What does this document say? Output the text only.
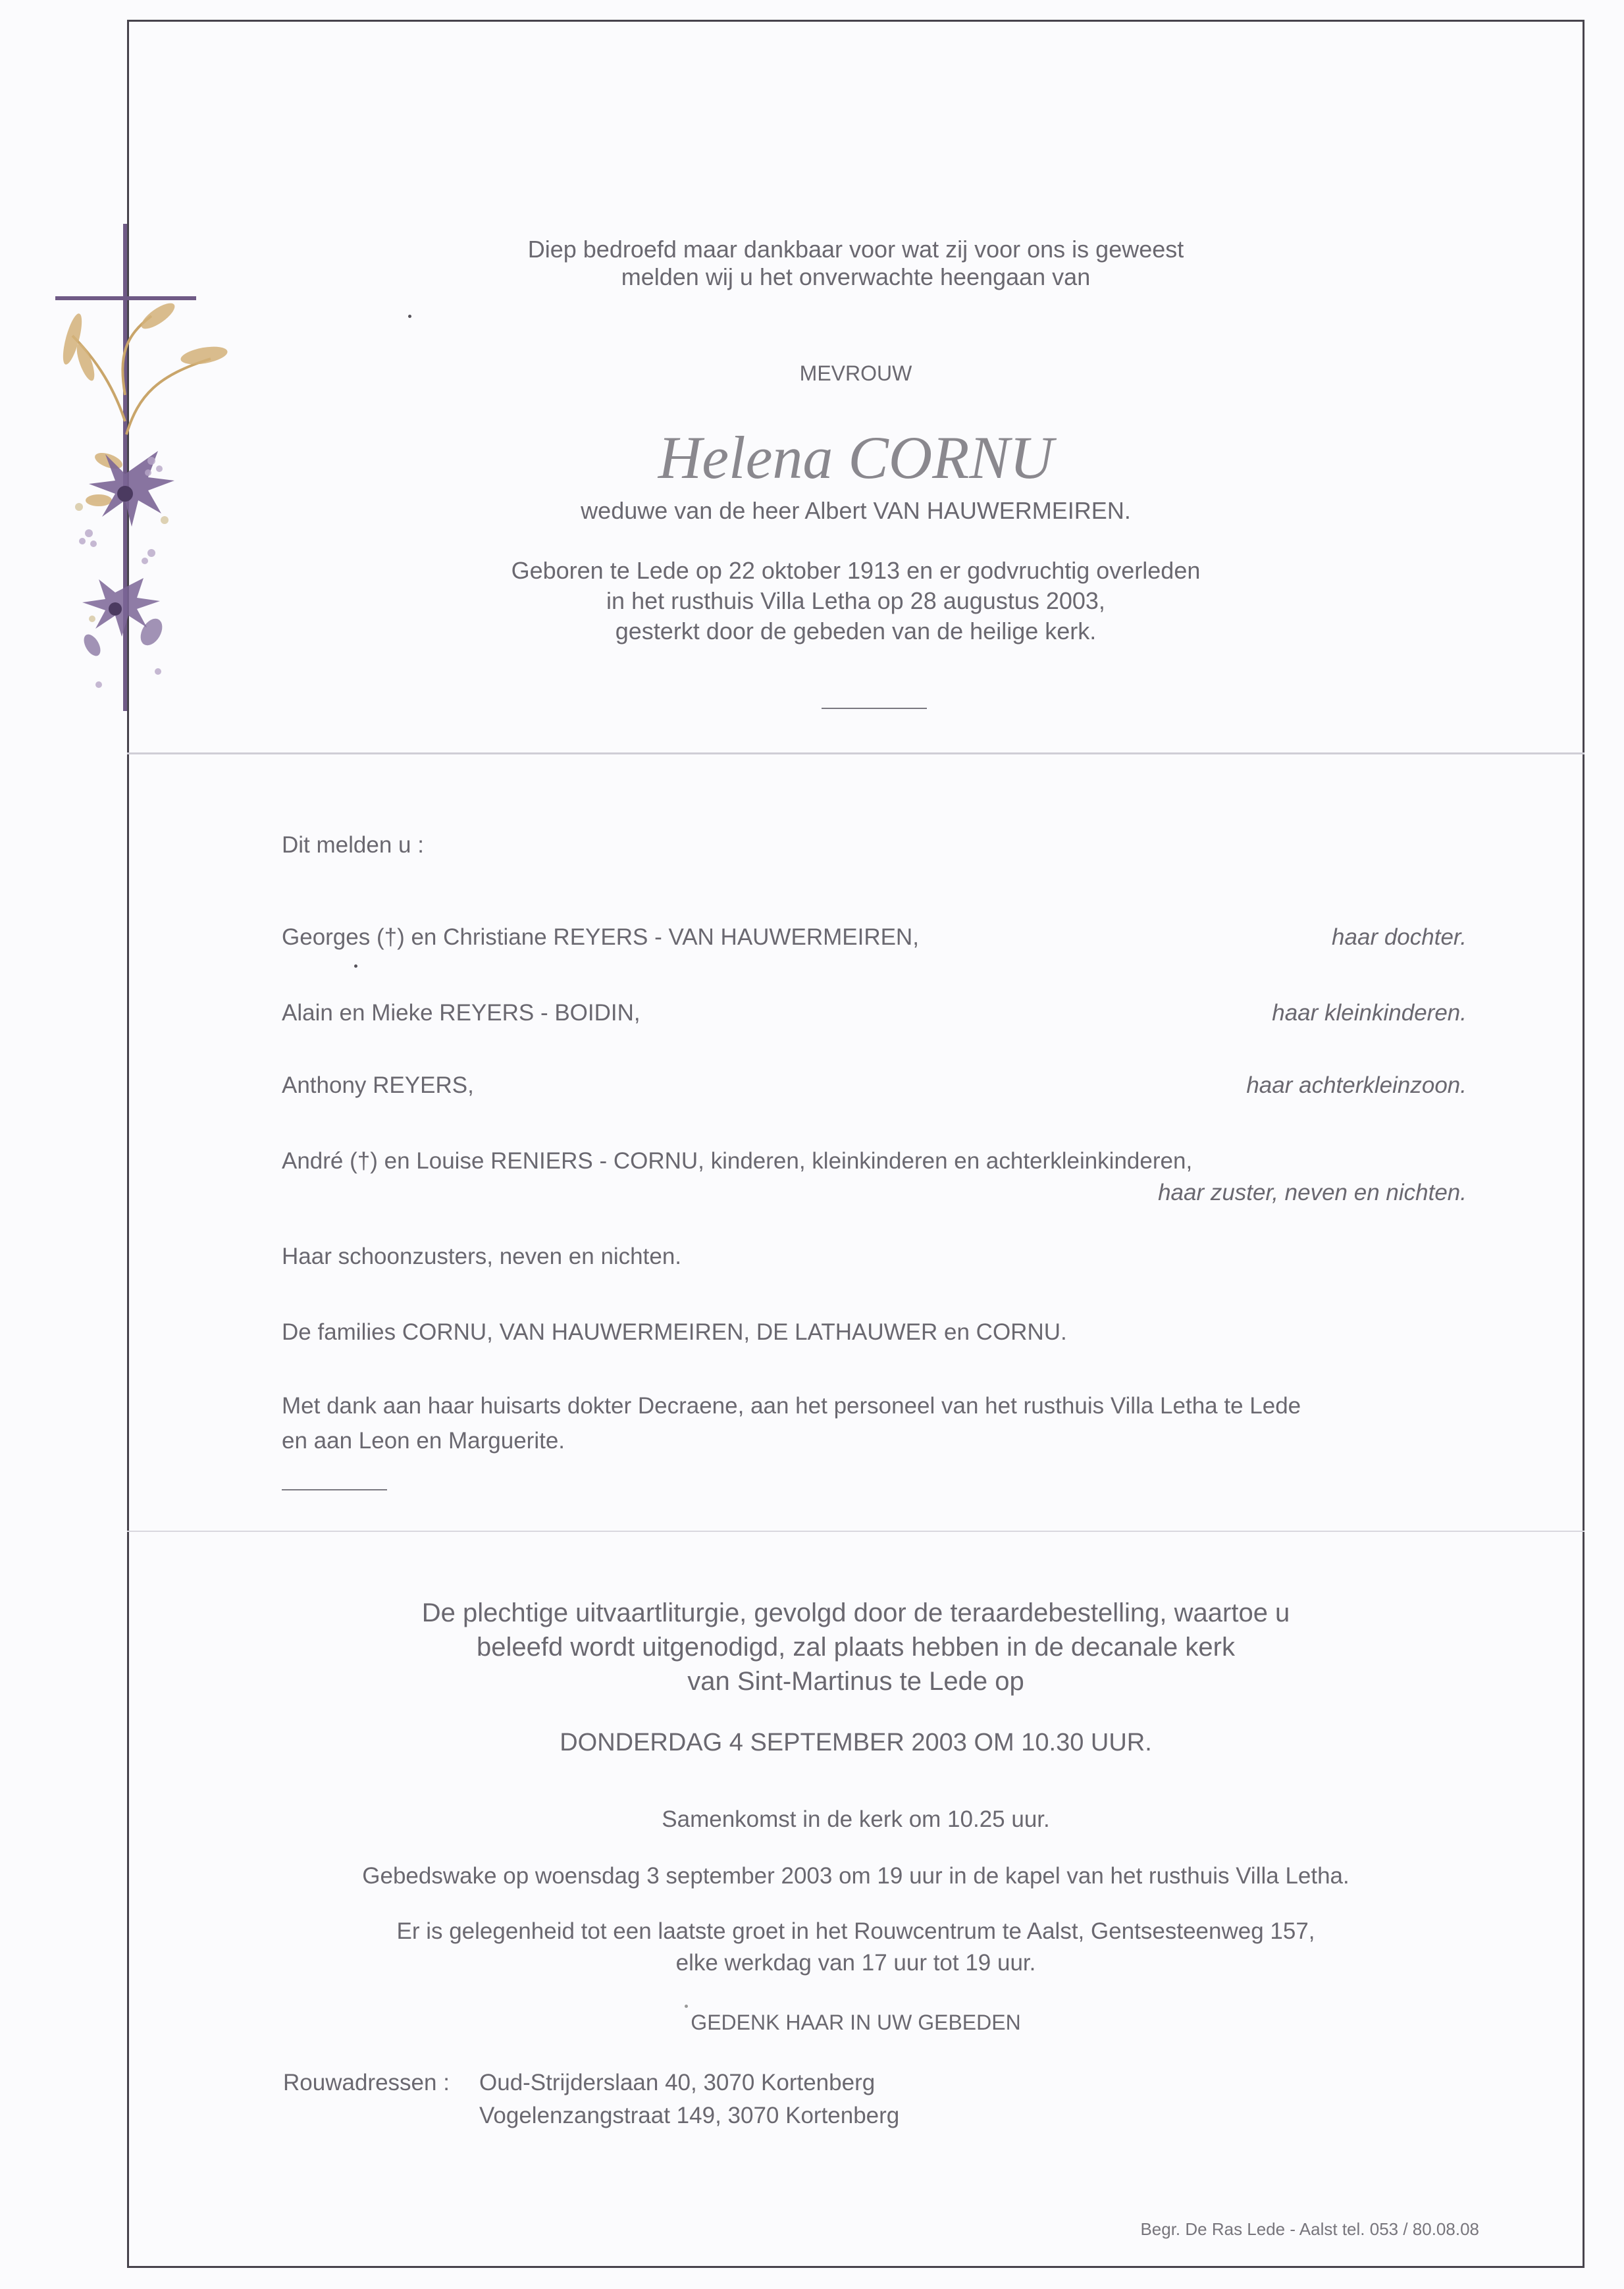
Diep bedroefd maar dankbaar voor wat zij voor ons is geweest
melden wij u het onverwachte heengaan van
MEVROUW
Helena CORNU
weduwe van de heer Albert VAN HAUWERMEIREN.
Geboren te Lede op 22 oktober 1913 en er godvruchtig overleden
in het rusthuis Villa Letha op 28 augustus 2003,
gesterkt door de gebeden van de heilige kerk.
Dit melden u :
Georges (†) en Christiane REYERS - VAN HAUWERMEIREN,	haar dochter.
Alain en Mieke REYERS - BOIDIN,	haar kleinkinderen.
Anthony REYERS,	haar achterkleinzoon.
André (†) en Louise RENIERS - CORNU, kinderen, kleinkinderen en achterkleinkinderen,
haar zuster, neven en nichten.
Haar schoonzusters, neven en nichten.
De families CORNU, VAN HAUWERMEIREN, DE LATHAUWER en CORNU.
Met dank aan haar huisarts dokter Decraene, aan het personeel van het rusthuis Villa Letha te Lede
en aan Leon en Marguerite.
De plechtige uitvaartliturgie, gevolgd door de teraardebestelling, waartoe u
beleefd wordt uitgenodigd, zal plaats hebben in de decanale kerk
van Sint-Martinus te Lede op
DONDERDAG 4 SEPTEMBER 2003 OM 10.30 UUR.
Samenkomst in de kerk om 10.25 uur.
Gebedswake op woensdag 3 september 2003 om 19 uur in de kapel van het rusthuis Villa Letha.
Er is gelegenheid tot een laatste groet in het Rouwcentrum te Aalst, Gentsesteenweg 157,
elke werkdag van 17 uur tot 19 uur.
GEDENK HAAR IN UW GEBEDEN
Rouwadressen : Oud-Strijderslaan 40, 3070 Kortenberg
Vogelenzangstraat 149, 3070 Kortenberg
Begr. De Ras Lede - Aalst tel. 053 / 80.08.08
